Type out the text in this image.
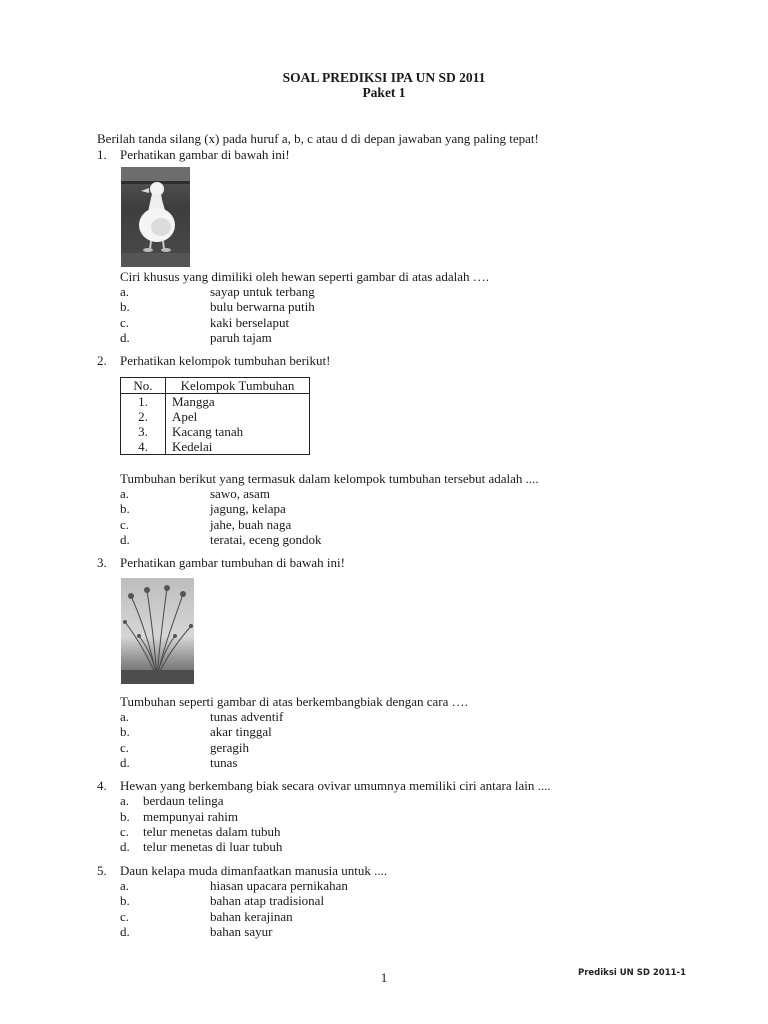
SOAL PREDIKSI IPA UN SD 2011
Paket 1
Berilah tanda silang (x) pada huruf a, b, c atau d di depan jawaban yang paling tepat!
1. Perhatikan gambar di bawah ini!
Ciri khusus yang dimiliki oleh hewan seperti gambar di atas adalah ….
a.	sayap untuk terbang
b.	bulu berwarna putih
c.	kaki berselaput
d.	paruh tajam
2. Perhatikan kelompok tumbuhan berikut!
No.	Kelompok Tumbuhan
1.	Mangga
2.	Apel
3.	Kacang tanah
4.	Kedelai
Tumbuhan berikut yang termasuk dalam kelompok tumbuhan tersebut adalah ....
a.	sawo, asam
b.	jagung, kelapa
c.	jahe, buah naga
d.	teratai, eceng gondok
3. Perhatikan gambar tumbuhan di bawah ini!
Tumbuhan seperti gambar di atas berkembangbiak dengan cara ….
a.	tunas adventif
b.	akar tinggal
c.	geragih
d.	tunas
4. Hewan yang berkembang biak secara ovivar umumnya memiliki ciri antara lain ....
a. berdaun telinga
b. mempunyai rahim
c. telur menetas dalam tubuh
d. telur menetas di luar tubuh
5. Daun kelapa muda dimanfaatkan manusia untuk ....
a.	hiasan upacara pernikahan
b.	bahan atap tradisional
c.	bahan kerajinan
d.	bahan sayur
1	Prediksi UN SD 2011-1
